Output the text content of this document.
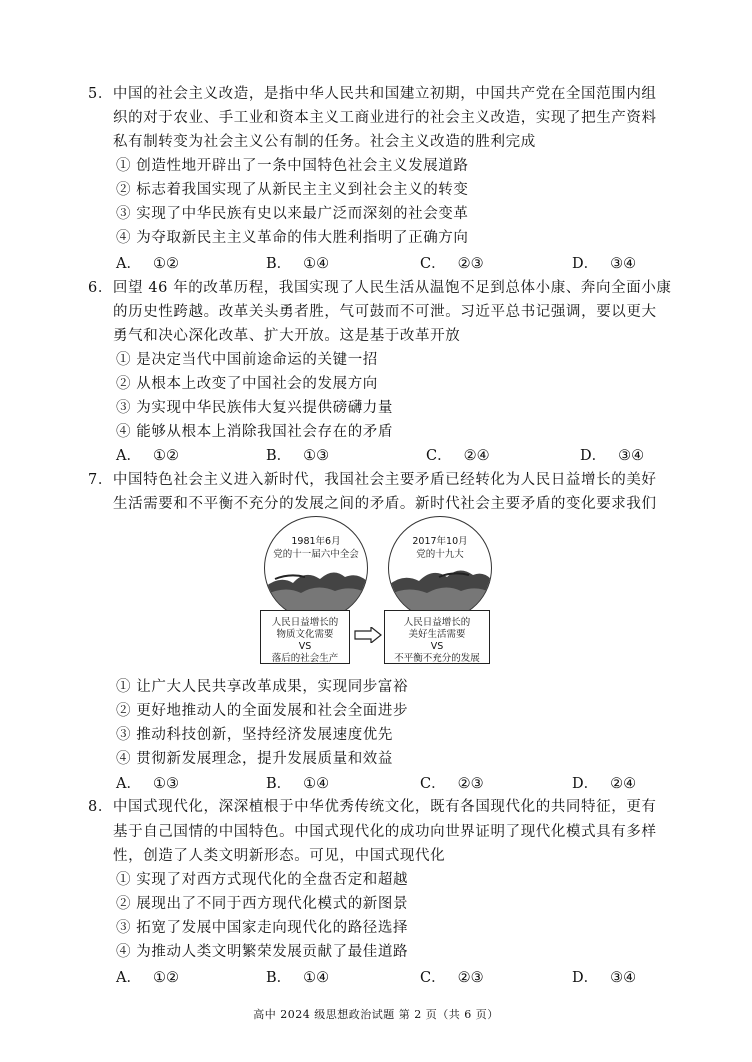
5．中国的社会主义改造，是指中华人民共和国建立初期，中国共产党在全国范围内组
织的对于农业、手工业和资本主义工商业进行的社会主义改造，实现了把生产资料
私有制转变为社会主义公有制的任务。社会主义改造的胜利完成
① 创造性地开辟出了一条中国特色社会主义发展道路
② 标志着我国实现了从新民主主义到社会主义的转变
③ 实现了中华民族有史以来最广泛而深刻的社会变革
④ 为夺取新民主主义革命的伟大胜利指明了正确方向
A． ①②	B． ①④	C． ②③	D． ③④
6．回望 46 年的改革历程，我国实现了人民生活从温饱不足到总体小康、奔向全面小康
的历史性跨越。改革关头勇者胜，气可鼓而不可泄。习近平总书记强调，要以更大
勇气和决心深化改革、扩大开放。这是基于改革开放
① 是决定当代中国前途命运的关键一招
② 从根本上改变了中国社会的发展方向
③ 为实现中华民族伟大复兴提供磅礴力量
④ 能够从根本上消除我国社会存在的矛盾
A． ①②	B． ①③	C． ②④	D． ③④
7．中国特色社会主义进入新时代，我国社会主要矛盾已经转化为人民日益增长的美好
生活需要和不平衡不充分的发展之间的矛盾。新时代社会主要矛盾的变化要求我们
1981年6月
党的十一届六中全会
2017年10月
党的十九大
人民日益增长的
物质文化需要
VS
落后的社会生产
人民日益增长的
美好生活需要
VS
不平衡不充分的发展
① 让广大人民共享改革成果，实现同步富裕
② 更好地推动人的全面发展和社会全面进步
③ 推动科技创新，坚持经济发展速度优先
④ 贯彻新发展理念，提升发展质量和效益
A． ①③	B． ①④	C． ②③	D． ②④
8．中国式现代化，深深植根于中华优秀传统文化，既有各国现代化的共同特征，更有
基于自己国情的中国特色。中国式现代化的成功向世界证明了现代化模式具有多样
性，创造了人类文明新形态。可见，中国式现代化
① 实现了对西方式现代化的全盘否定和超越
② 展现出了不同于西方现代化模式的新图景
③ 拓宽了发展中国家走向现代化的路径选择
④ 为推动人类文明繁荣发展贡献了最佳道路
A． ①②	B． ①④	C． ②③	D． ③④
高中 2024 级思想政治试题 第 2 页（共 6 页）
